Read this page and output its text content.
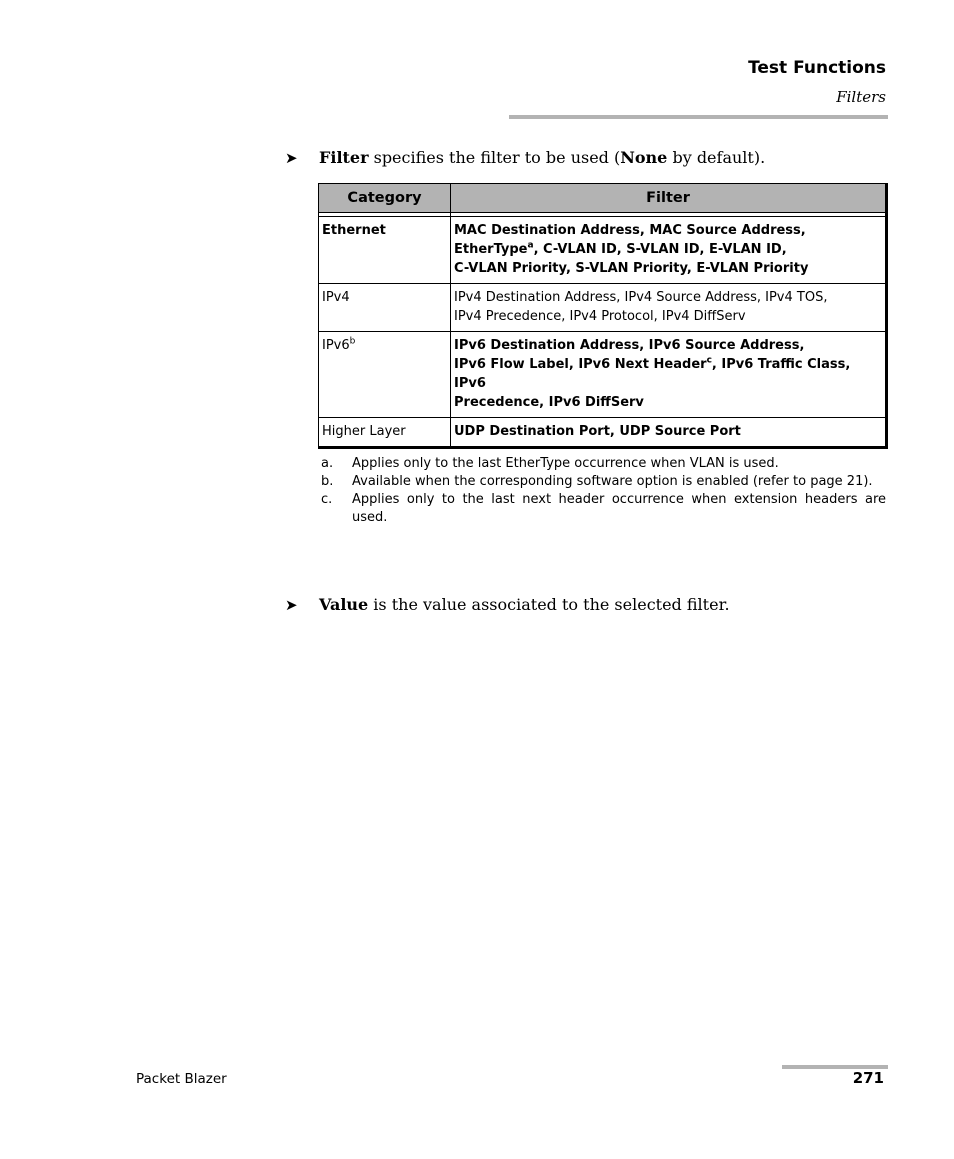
Test Functions
Filters
➤ Filter specifies the filter to be used (None by default).
Category	Filter

Ethernet	MAC Destination Address, MAC Source Address,
EtherType$^a$, C-VLAN ID, S-VLAN ID, E-VLAN ID,
C-VLAN Priority, S-VLAN Priority, E-VLAN Priority
IPv4	IPv4 Destination Address, IPv4 Source Address, IPv4 TOS,
IPv4 Precedence, IPv4 Protocol, IPv4 DiffServ
IPv6$^b$	IPv6 Destination Address, IPv6 Source Address,
IPv6 Flow Label, IPv6 Next Header$^c$, IPv6 Traffic Class, IPv6
Precedence, IPv6 DiffServ
Higher Layer	UDP Destination Port, UDP Source Port
a.	Applies only to the last EtherType occurrence when VLAN is used.
b.	Available when the corresponding software option is enabled (refer to page 21).
c.	Applies only to the last next header occurrence when extension headers are used.
➤ Value is the value associated to the selected filter.
Packet Blazer	271
